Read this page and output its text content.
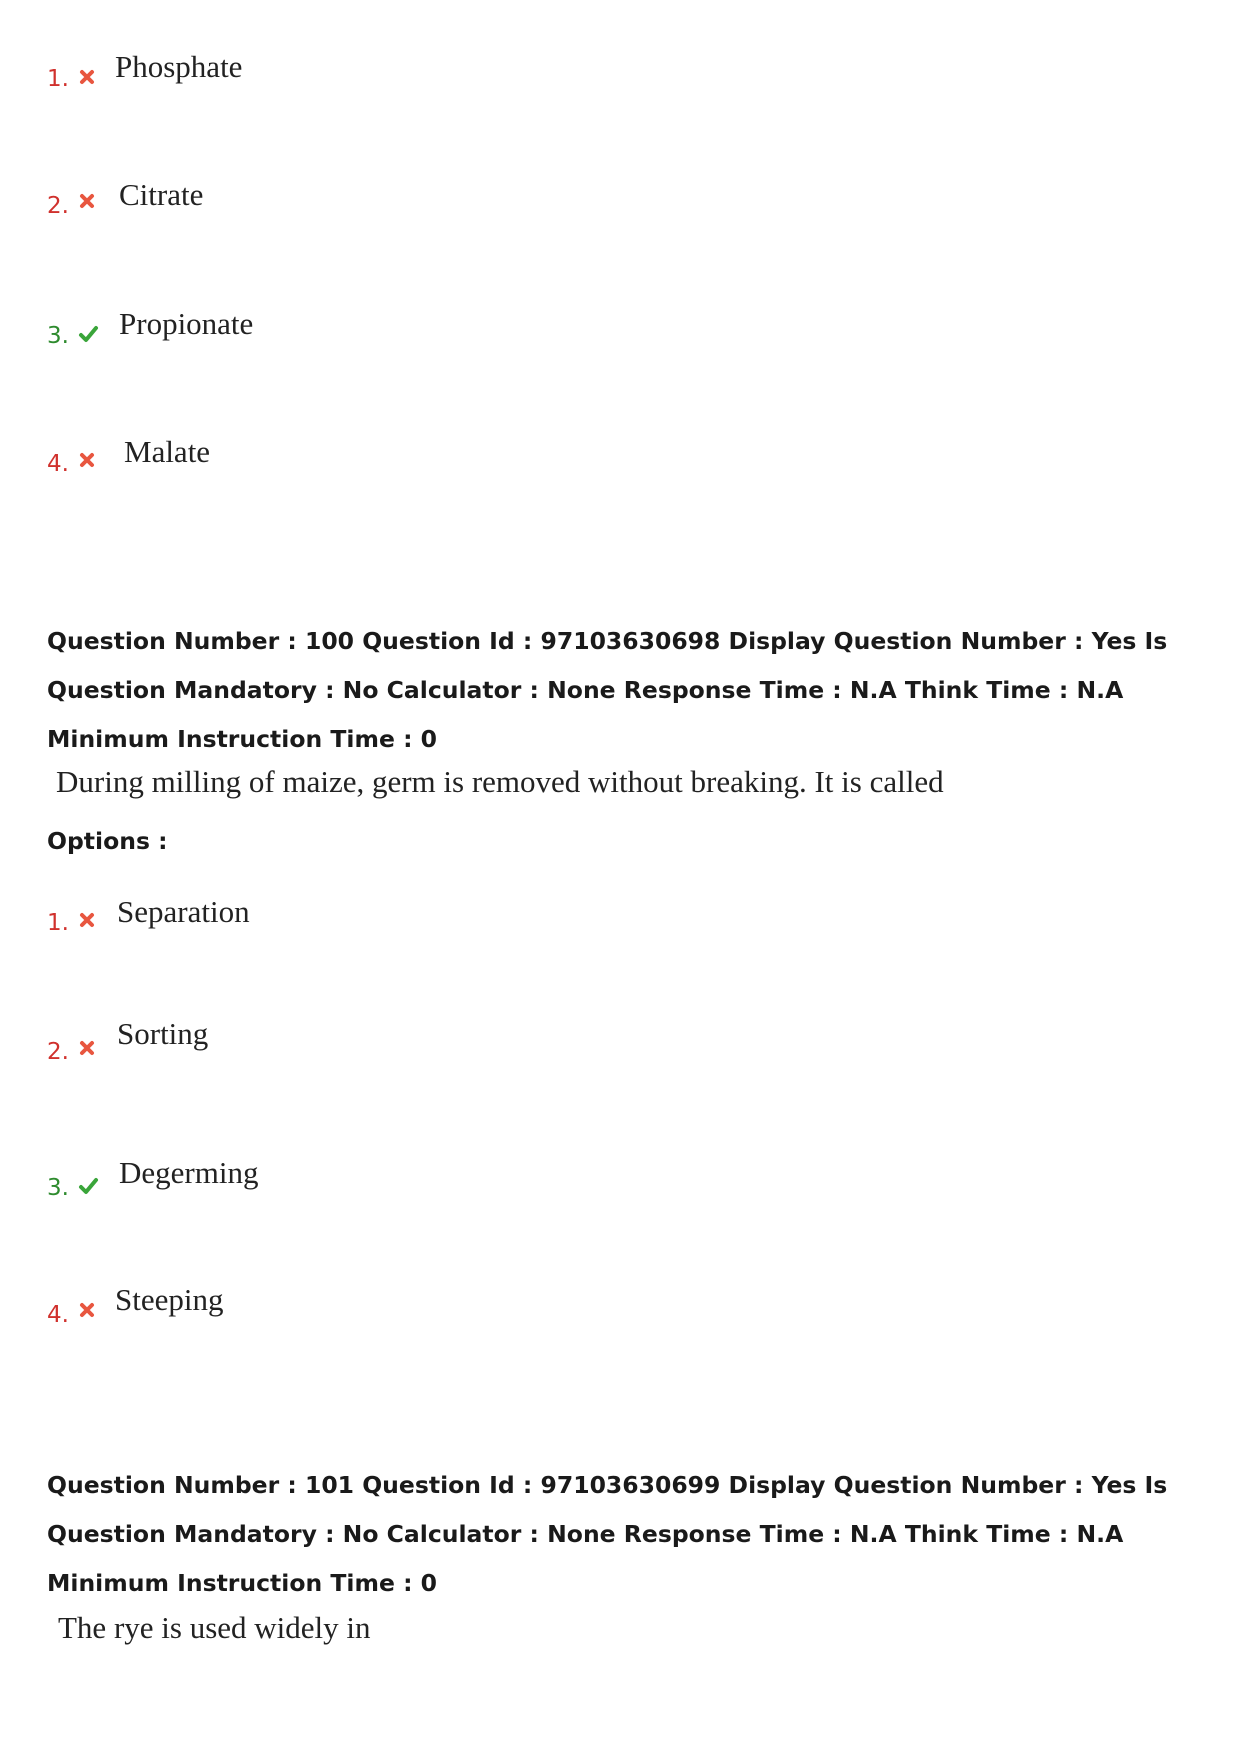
1. Phosphate
2. Citrate
3. Propionate
4. Malate

Question Number : 100 Question Id : 97103630698 Display Question Number : Yes Is Question Mandatory : No Calculator : None Response Time : N.A Think Time : N.A Minimum Instruction Time : 0

During milling of maize, germ is removed without breaking. It is called
Options :
1. Separation
2.
Sorting
3. Degerming
4. Steeping

Question Number : 101 Question Id : 97103630699 Display Question Number : Yes Is Question Mandatory : No Calculator : None Response Time : N.A Think Time : N.A Minimum Instruction Time : 0

The rye is used widely in
